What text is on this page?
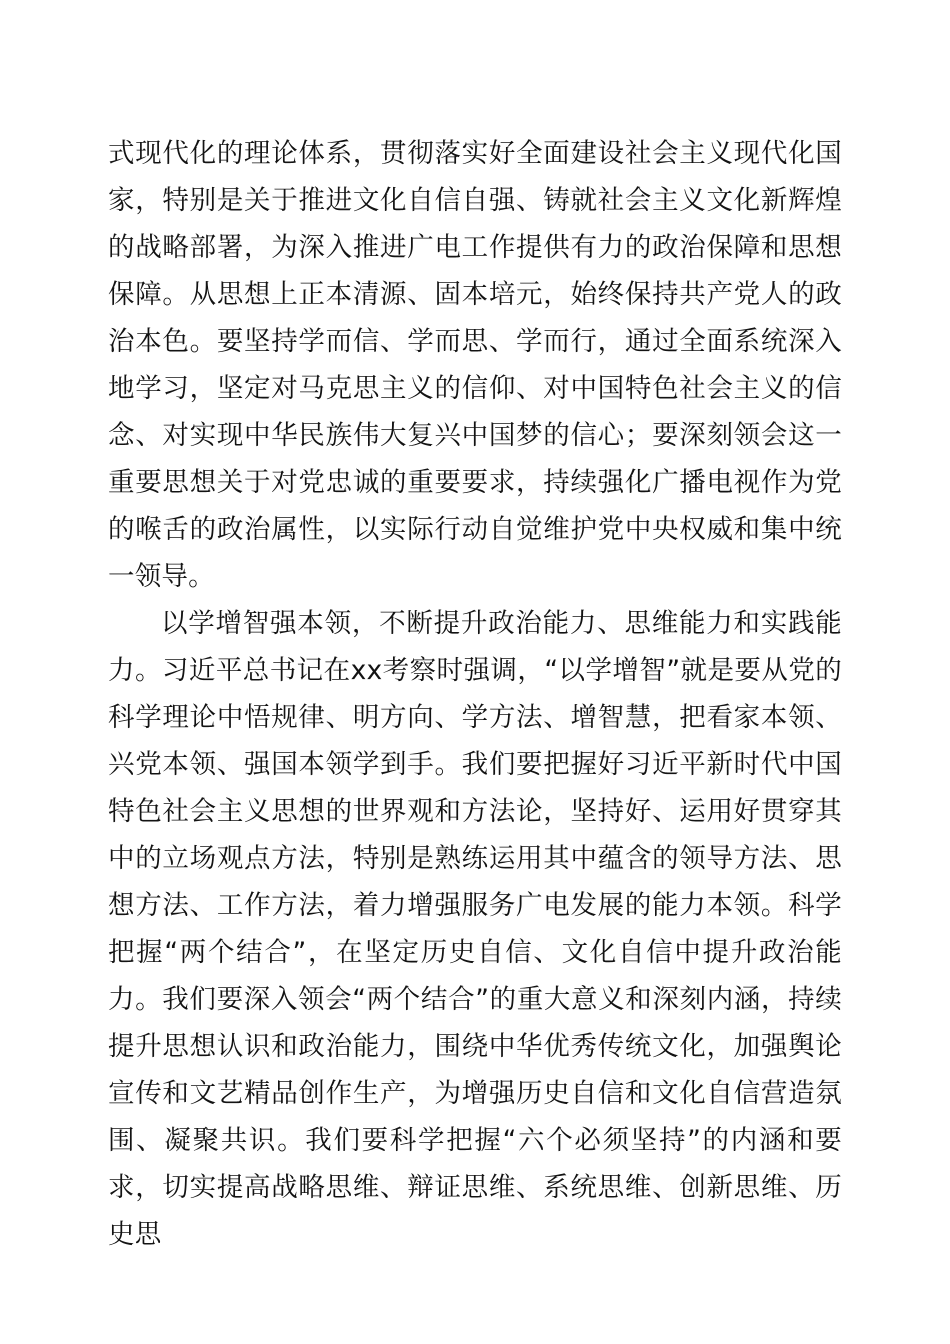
式现代化的理论体系，贯彻落实好全面建设社会主义现代化国家，特别是关于推进文化自信自强、铸就社会主义文化新辉煌的战略部署，为深入推进广电工作提供有力的政治保障和思想保障。从思想上正本清源、固本培元，始终保持共产党人的政治本色。要坚持学而信、学而思、学而行，通过全面系统深入地学习，坚定对马克思主义的信仰、对中国特色社会主义的信念、对实现中华民族伟大复兴中国梦的信心；要深刻领会这一重要思想关于对党忠诚的重要要求，持续强化广播电视作为党的喉舌的政治属性，以实际行动自觉维护党中央权威和集中统一领导。

以学增智强本领，不断提升政治能力、思维能力和实践能力。习近平总书记在xx考察时强调，“以学增智”就是要从党的科学理论中悟规律、明方向、学方法、增智慧，把看家本领、兴党本领、强国本领学到手。我们要把握好习近平新时代中国特色社会主义思想的世界观和方法论，坚持好、运用好贯穿其中的立场观点方法，特别是熟练运用其中蕴含的领导方法、思想方法、工作方法，着力增强服务广电发展的能力本领。科学把握“两个结合”，在坚定历史自信、文化自信中提升政治能力。我们要深入领会“两个结合”的重大意义和深刻内涵，持续提升思想认识和政治能力，围绕中华优秀传统文化，加强舆论宣传和文艺精品创作生产，为增强历史自信和文化自信营造氛围、凝聚共识。我们要科学把握“六个必须坚持”的内涵和要求，切实提高战略思维、辩证思维、系统思维、创新思维、历史思
